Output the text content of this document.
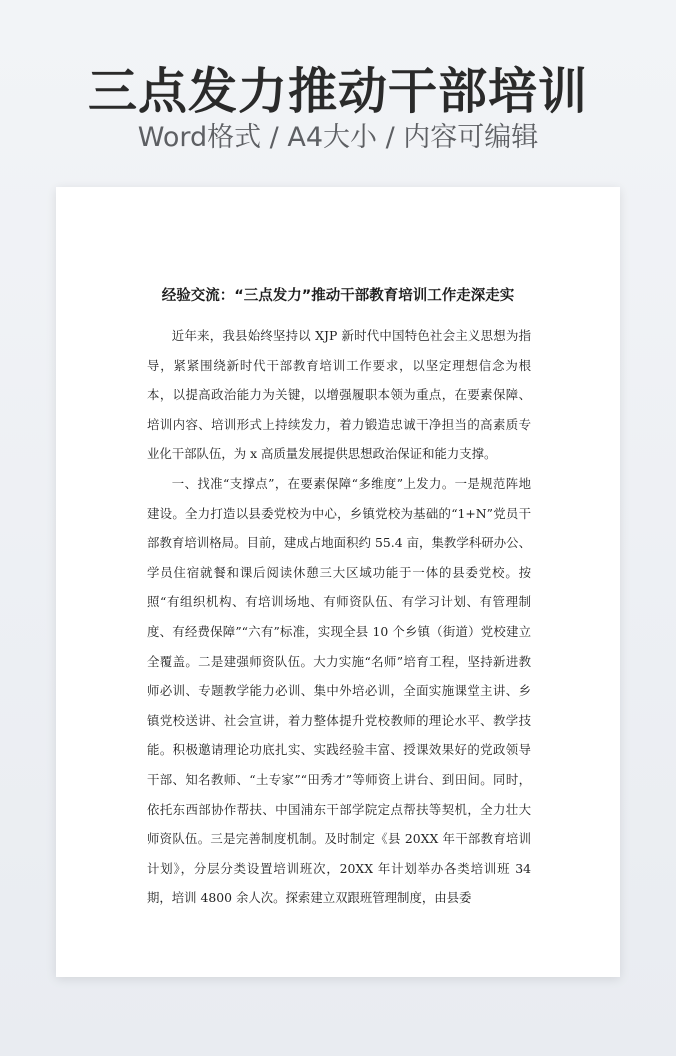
三点发力推动干部培训
Word格式 / A4大小 / 内容可编辑
经验交流：“三点发力”推动干部教育培训工作走深走实

近年来，我县始终坚持以 XJP 新时代中国特色社会主义思想为指导，紧紧围绕新时代干部教育培训工作要求，以坚定理想信念为根本，以提高政治能力为关键，以增强履职本领为重点，在要素保障、培训内容、培训形式上持续发力，着力锻造忠诚干净担当的高素质专业化干部队伍，为 x 高质量发展提供思想政治保证和能力支撑。

一、找准“支撑点”，在要素保障“多维度”上发力。一是规范阵地建设。全力打造以县委党校为中心，乡镇党校为基础的“1+N”党员干部教育培训格局。目前，建成占地面积约 55.4 亩，集教学科研办公、学员住宿就餐和课后阅读休憩三大区域功能于一体的县委党校。按照“有组织机构、有培训场地、有师资队伍、有学习计划、有管理制度、有经费保障”“六有”标准，实现全县 10 个乡镇（街道）党校建立全覆盖。二是建强师资队伍。大力实施“名师”培育工程，坚持新进教师必训、专题教学能力必训、集中外培必训，全面实施课堂主讲、乡镇党校送讲、社会宣讲，着力整体提升党校教师的理论水平、教学技能。积极邀请理论功底扎实、实践经验丰富、授课效果好的党政领导干部、知名教师、“土专家”“田秀才”等师资上讲台、到田间。同时，依托东西部协作帮扶、中国浦东干部学院定点帮扶等契机，全力壮大师资队伍。三是完善制度机制。及时制定《县 20XX 年干部教育培训计划》，分层分类设置培训班次，20XX 年计划举办各类培训班 34 期，培训 4800 余人次。探索建立双跟班管理制度，由县委
